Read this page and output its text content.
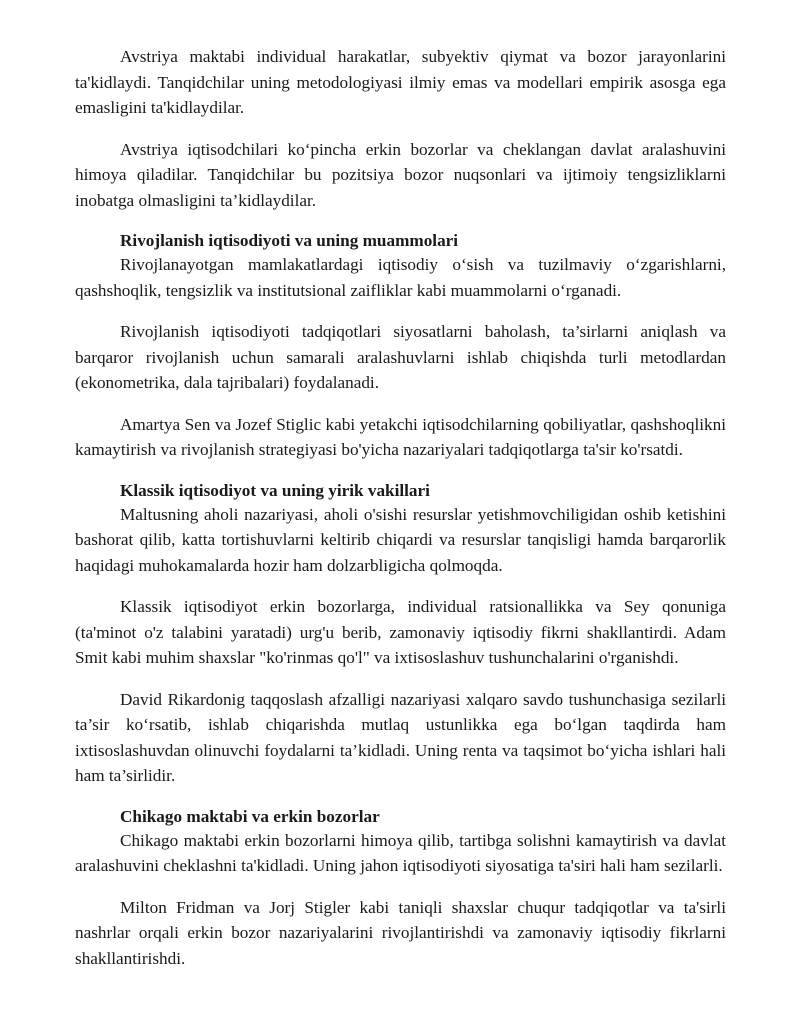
Avstriya maktabi individual harakatlar, subyektiv qiymat va bozor jarayonlarini ta'kidlaydi. Tanqidchilar uning metodologiyasi ilmiy emas va modellari empirik asosga ega emasligini ta'kidlaydilar.

Avstriya iqtisodchilari ko‘pincha erkin bozorlar va cheklangan davlat aralashuvini himoya qiladilar. Tanqidchilar bu pozitsiya bozor nuqsonlari va ijtimoiy tengsizliklarni inobatga olmasligini ta’kidlaydilar.

Rivojlanish iqtisodiyoti va uning muammolari

Rivojlanayotgan mamlakatlardagi iqtisodiy o‘sish va tuzilmaviy o‘zgarishlarni, qashshoqlik, tengsizlik va institutsional zaifliklar kabi muammolarni o‘rganadi.

Rivojlanish iqtisodiyoti tadqiqotlari siyosatlarni baholash, ta’sirlarni aniqlash va barqaror rivojlanish uchun samarali aralashuvlarni ishlab chiqishda turli metodlardan (ekonometrika, dala tajribalari) foydalanadi.

Amartya Sen va Jozef Stiglic kabi yetakchi iqtisodchilarning qobiliyatlar, qashshoqlikni kamaytirish va rivojlanish strategiyasi bo'yicha nazariyalari tadqiqotlarga ta'sir ko'rsatdi.

Klassik iqtisodiyot va uning yirik vakillari

Maltusning aholi nazariyasi, aholi o'sishi resurslar yetishmovchiligidan oshib ketishini bashorat qilib, katta tortishuvlarni keltirib chiqardi va resurslar tanqisligi hamda barqarorlik haqidagi muhokamalarda hozir ham dolzarbligicha qolmoqda.

Klassik iqtisodiyot erkin bozorlarga, individual ratsionallikka va Sey qonuniga (ta'minot o'z talabini yaratadi) urg'u berib, zamonaviy iqtisodiy fikrni shakllantirdi. Adam Smit kabi muhim shaxslar "ko'rinmas qo'l" va ixtisoslashuv tushunchalarini o'rganishdi.

David Rikardonig taqqoslash afzalligi nazariyasi xalqaro savdo tushunchasiga sezilarli ta’sir ko‘rsatib, ishlab chiqarishda mutlaq ustunlikka ega bo‘lgan taqdirda ham ixtisoslashuvdan olinuvchi foydalarni ta’kidladi. Uning renta va taqsimot bo‘yicha ishlari hali ham ta’sirlidir.

Chikago maktabi va erkin bozorlar

Chikago maktabi erkin bozorlarni himoya qilib, tartibga solishni kamaytirish va davlat aralashuvini cheklashni ta'kidladi. Uning jahon iqtisodiyoti siyosatiga ta'siri hali ham sezilarli.

Milton Fridman va Jorj Stigler kabi taniqli shaxslar chuqur tadqiqotlar va ta'sirli nashrlar orqali erkin bozor nazariyalarini rivojlantirishdi va zamonaviy iqtisodiy fikrlarni shakllantirishdi.
